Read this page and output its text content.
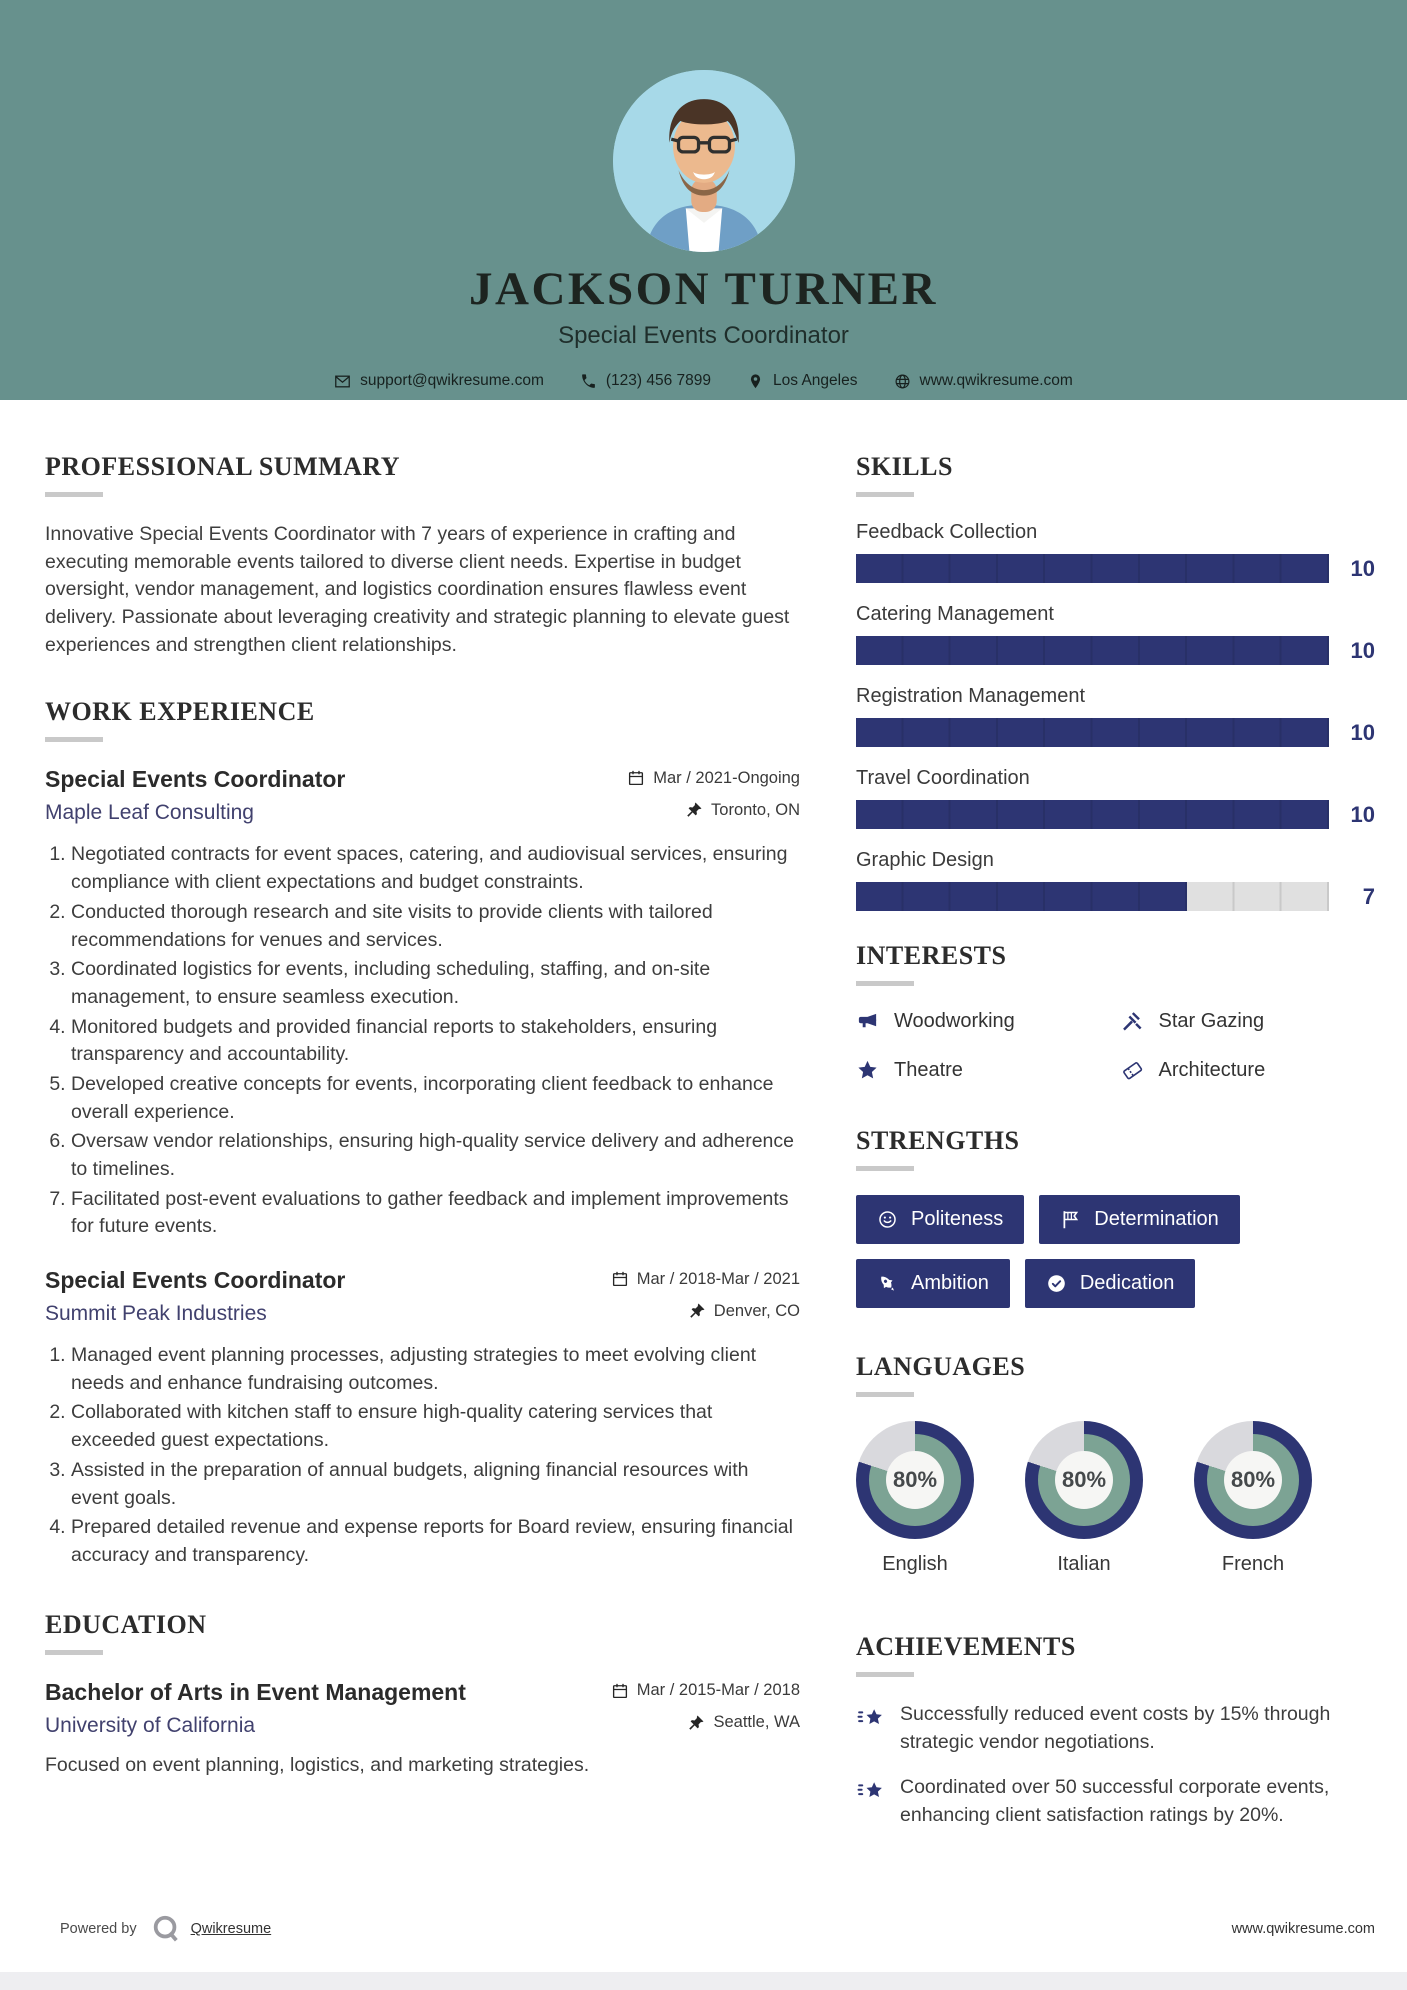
JACKSON TURNER
Special Events Coordinator
support@qwikresume.com	(123) 456 7899	Los Angeles	www.qwikresume.com
PROFESSIONAL SUMMARY

Innovative Special Events Coordinator with 7 years of experience in crafting and executing memorable events tailored to diverse client needs. Expertise in budget oversight, vendor management, and logistics coordination ensures flawless event delivery. Passionate about leveraging creativity and strategic planning to elevate guest experiences and strengthen client relationships.

WORK EXPERIENCE
Special Events Coordinator	Mar / 2021-Ongoing
Maple Leaf Consulting	Toronto, ON
1. Negotiated contracts for event spaces, catering, and audiovisual services, ensuring compliance with client expectations and budget constraints.
2. Conducted thorough research and site visits to provide clients with tailored recommendations for venues and services.
3. Coordinated logistics for events, including scheduling, staffing, and on-site management, to ensure seamless execution.
4. Monitored budgets and provided financial reports to stakeholders, ensuring transparency and accountability.
5. Developed creative concepts for events, incorporating client feedback to enhance overall experience.
6. Oversaw vendor relationships, ensuring high-quality service delivery and adherence to timelines.
7. Facilitated post-event evaluations to gather feedback and implement improvements for future events.
Special Events Coordinator	Mar / 2018-Mar / 2021
Summit Peak Industries	Denver, CO
1. Managed event planning processes, adjusting strategies to meet evolving client needs and enhance fundraising outcomes.
2. Collaborated with kitchen staff to ensure high-quality catering services that exceeded guest expectations.
3. Assisted in the preparation of annual budgets, aligning financial resources with event goals.
4. Prepared detailed revenue and expense reports for Board review, ensuring financial accuracy and transparency.
EDUCATION
Bachelor of Arts in Event Management	Mar / 2015-Mar / 2018
University of California	Seattle, WA

Focused on event planning, logistics, and marketing strategies.

SKILLS
Feedback Collection
10
Catering Management
10
Registration Management
10
Travel Coordination
10
Graphic Design
7
INTERESTS
Woodworking	Star Gazing
Theatre	Architecture
STRENGTHS
Politeness	Determination
Ambition	Dedication
LANGUAGES
80%
English
80%
Italian
80%
French
ACHIEVEMENTS
Successfully reduced event costs by 15% through strategic vendor negotiations.
Coordinated over 50 successful corporate events, enhancing client satisfaction ratings by 20%.
Powered by	Qwikresume	www.qwikresume.com
